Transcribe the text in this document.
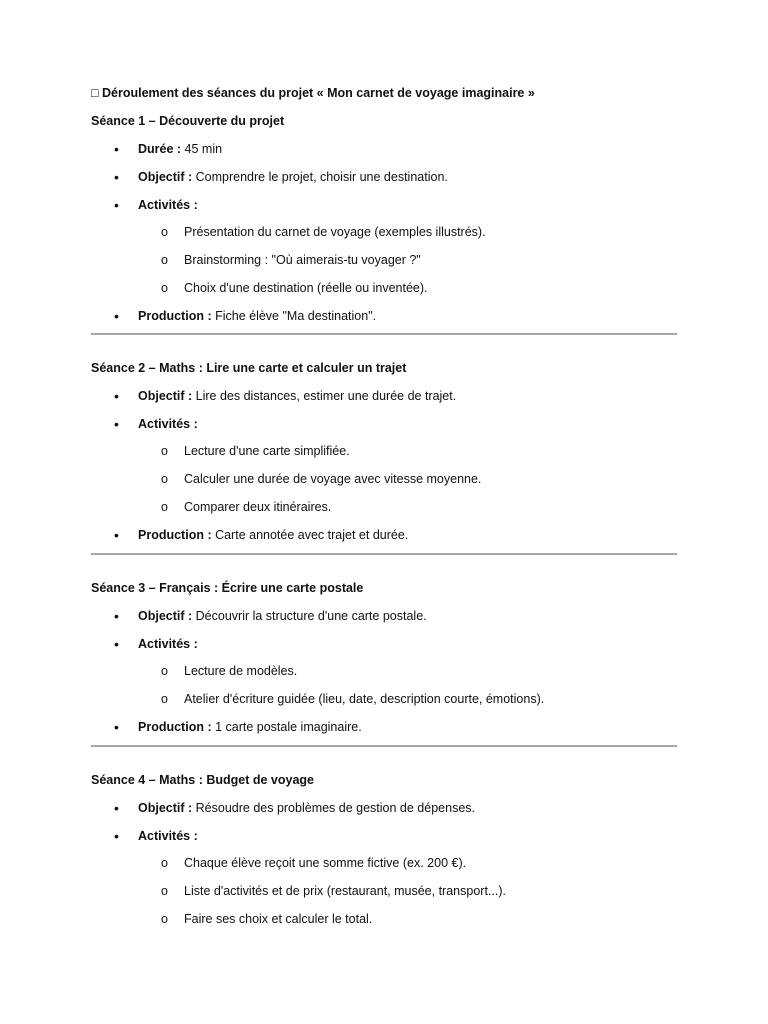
□ Déroulement des séances du projet « Mon carnet de voyage imaginaire »
Séance 1 – Découverte du projet
• Durée : 45 min
• Objectif : Comprendre le projet, choisir une destination.
• Activités :
o Présentation du carnet de voyage (exemples illustrés).
o Brainstorming : "Où aimerais-tu voyager ?"
o Choix d'une destination (réelle ou inventée).
• Production : Fiche élève "Ma destination".
Séance 2 – Maths : Lire une carte et calculer un trajet
• Objectif : Lire des distances, estimer une durée de trajet.
• Activités :
o Lecture d'une carte simplifiée.
o Calculer une durée de voyage avec vitesse moyenne.
o Comparer deux itinéraires.
• Production : Carte annotée avec trajet et durée.
Séance 3 – Français : Écrire une carte postale
• Objectif : Découvrir la structure d'une carte postale.
• Activités :
o Lecture de modèles.
o Atelier d'écriture guidée (lieu, date, description courte, émotions).
• Production : 1 carte postale imaginaire.
Séance 4 – Maths : Budget de voyage
• Objectif : Résoudre des problèmes de gestion de dépenses.
• Activités :
o Chaque élève reçoit une somme fictive (ex. 200 €).
o Liste d'activités et de prix (restaurant, musée, transport...).
o Faire ses choix et calculer le total.
